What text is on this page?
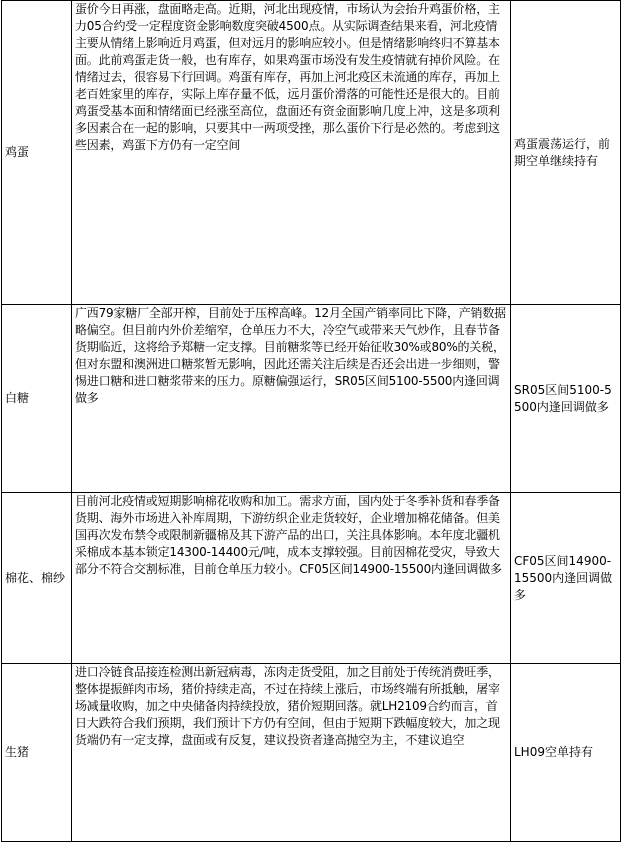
鸡蛋	蛋价今日再涨，盘面略走高。近期，河北出现疫情，市场认为会抬升鸡蛋价格，主力05合约受一定程度资金影响数度突破4500点。从实际调查结果来看，河北疫情主要从情绪上影响近月鸡蛋，但对远月的影响应较小。但是情绪影响终归不算基本面。此前鸡蛋走货一般，也有库存，如果鸡蛋市场没有发生疫情就有掉价风险。在情绪过去，很容易下行回调。鸡蛋有库存，再加上河北疫区未流通的库存，再加上老百姓家里的库存，实际上库存量不低，远月蛋价滑落的可能性还是很大的。目前鸡蛋受基本面和情绪面已经涨至高位，盘面还有资金面影响几度上冲，这是多项利多因素合在一起的影响，只要其中一两项受挫，那么蛋价下行是必然的。考虑到这些因素，鸡蛋下方仍有一定空间	鸡蛋震荡运行，前期空单继续持有
白糖	广西79家糖厂全部开榨，目前处于压榨高峰。12月全国产销率同比下降，产销数据略偏空。但目前内外价差缩窄，仓单压力不大，冷空气或带来天气炒作，且春节备货期临近，这将给予郑糖一定支撑。目前糖浆等已经开始征收30%或80%的关税，但对东盟和澳洲进口糖浆暂无影响，因此还需关注后续是否还会出进一步细则，警惕进口糖和进口糖浆带来的压力。原糖偏强运行，SR05区间5100-5500内逢回调做多	SR05区间5100-5500内逢回调做多
棉花、棉纱	目前河北疫情或短期影响棉花收购和加工。需求方面，国内处于冬季补货和春季备货期、海外市场进入补库周期，下游纺织企业走货较好，企业增加棉花储备。但美国再次发布禁令或限制新疆棉及其下游产品的出口，关注具体影响。本年度北疆机采棉成本基本锁定14300-14400元/吨，成本支撑较强。目前因棉花受灾，导致大部分不符合交割标准，目前仓单压力较小。CF05区间14900-15500内逢回调做多	CF05区间14900-15500内逢回调做多
生猪	进口冷链食品接连检测出新冠病毒，冻肉走货受阻，加之目前处于传统消费旺季，整体提振鲜肉市场，猪价持续走高，不过在持续上涨后，市场终端有所抵触，屠宰场减量收购，加之中央储备肉持续投放，猪价短期回落。就LH2109合约而言，首日大跌符合我们预期，我们预计下方仍有空间，但由于短期下跌幅度较大，加之现货端仍有一定支撑，盘面或有反复，建议投资者逢高抛空为主，不建议追空	LH09空单持有
